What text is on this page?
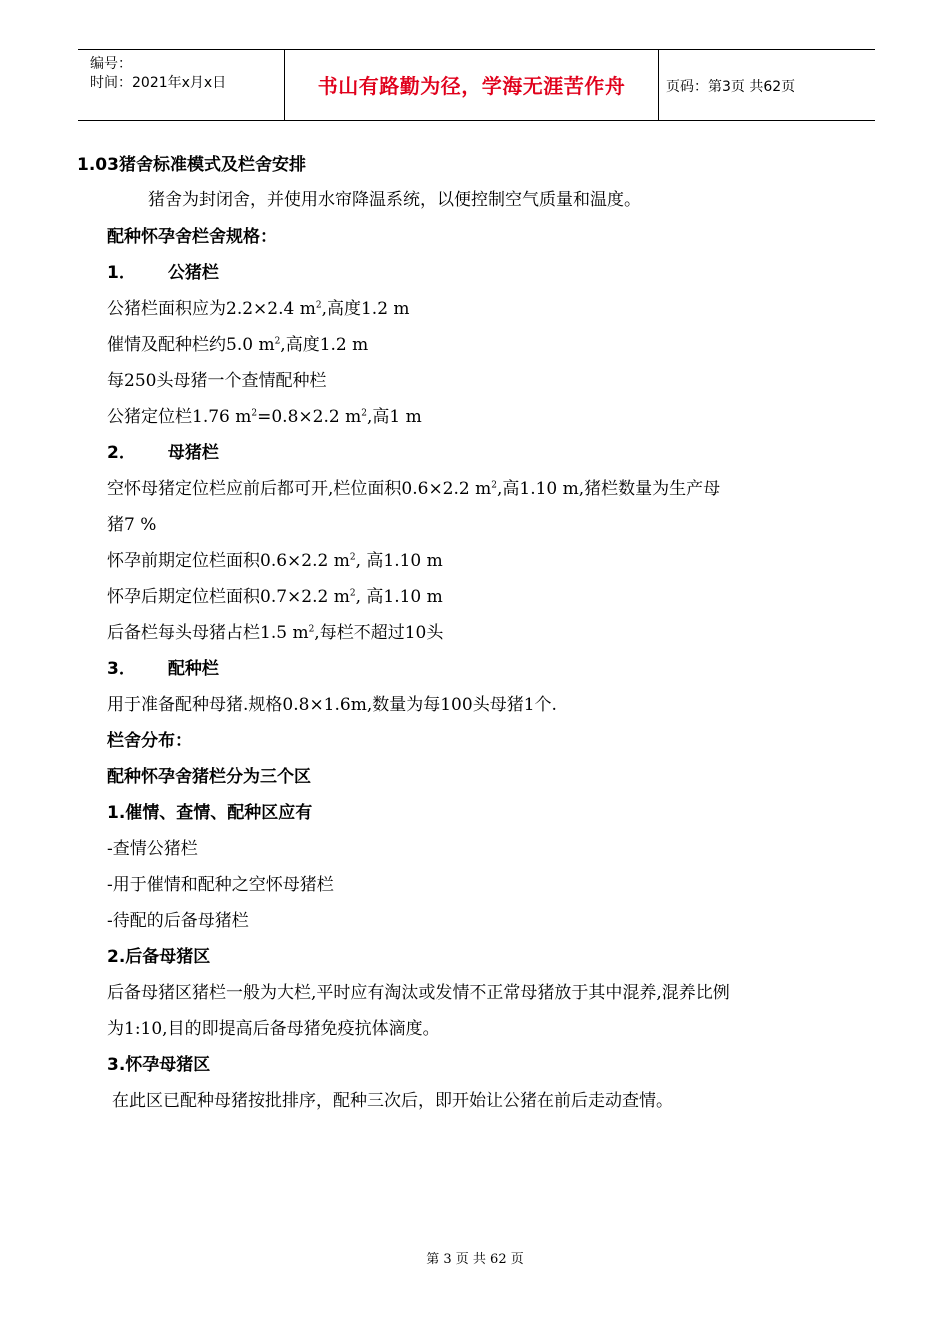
编号：
时间：2021年x月x日	书山有路勤为径，学海无涯苦作舟	页码：第3页 共62页
1.03猪舍标准模式及栏舍安排
猪舍为封闭舍，并使用水帘降温系统，以便控制空气质量和温度。
配种怀孕舍栏舍规格：
1． 公猪栏
公猪栏面积应为2.2×2.4 $m^2$,高度1.2 m
催情及配种栏约5.0 $m^2$,高度1.2 m
每250头母猪一个查情配种栏
公猪定位栏1.76 $m^2=0.8\times 2.2$ $m^2$,高1 m
2． 母猪栏
空怀母猪定位栏应前后都可开,栏位面积0.6×2.2 $m^2$,高1.10 m,猪栏数量为生产母
猪7 %
怀孕前期定位栏面积0.6×2.2 $m^2$, 高1.10 m
怀孕后期定位栏面积0.7×2.2 $m^2$, 高1.10 m
后备栏每头母猪占栏1.5 $m^2$,每栏不超过10头
3． 配种栏
用于准备配种母猪.规格0.8×1.6m,数量为每100头母猪1个.
栏舍分布：
配种怀孕舍猪栏分为三个区
1.催情、查情、配种区应有
-查情公猪栏
-用于催情和配种之空怀母猪栏
-待配的后备母猪栏
2.后备母猪区
后备母猪区猪栏一般为大栏,平时应有淘汰或发情不正常母猪放于其中混养,混养比例
为1:10,目的即提高后备母猪免疫抗体滴度。
3.怀孕母猪区
在此区已配种母猪按批排序，配种三次后，即开始让公猪在前后走动查情。
第 3 页 共 62 页
